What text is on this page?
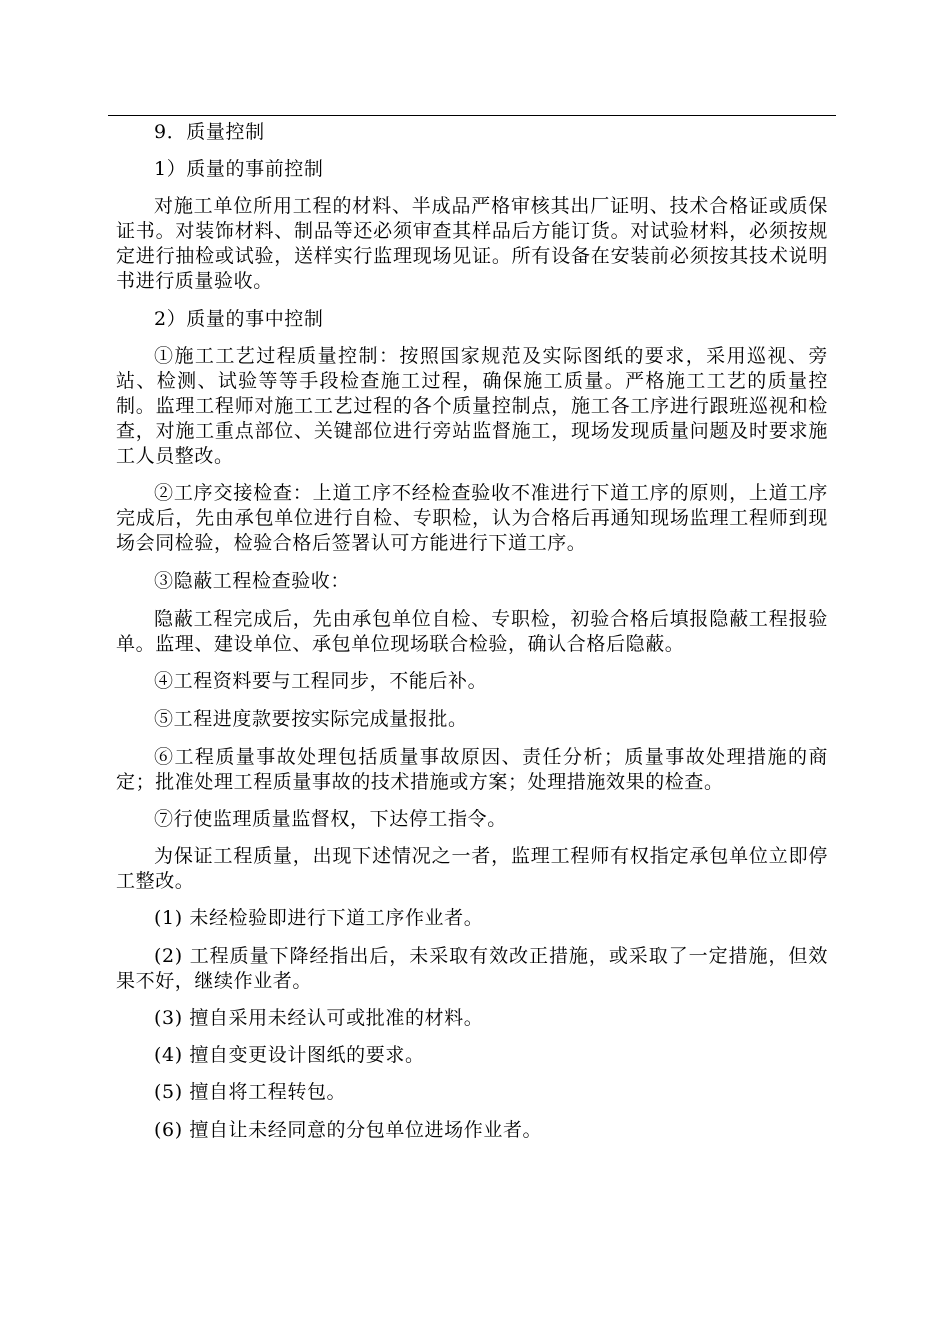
9．质量控制

1）质量的事前控制

对施工单位所用工程的材料、半成品严格审核其出厂证明、技术合格证或质保证书。对装饰材料、制品等还必须审查其样品后方能订货。对试验材料，必须按规定进行抽检或试验，送样实行监理现场见证。所有设备在安装前必须按其技术说明书进行质量验收。

2）质量的事中控制

①施工工艺过程质量控制：按照国家规范及实际图纸的要求，采用巡视、旁站、检测、试验等等手段检查施工过程，确保施工质量。严格施工工艺的质量控制。监理工程师对施工工艺过程的各个质量控制点，施工各工序进行跟班巡视和检查，对施工重点部位、关键部位进行旁站监督施工，现场发现质量问题及时要求施工人员整改。

②工序交接检查：上道工序不经检查验收不准进行下道工序的原则，上道工序完成后，先由承包单位进行自检、专职检，认为合格后再通知现场监理工程师到现场会同检验，检验合格后签署认可方能进行下道工序。

③隐蔽工程检查验收：

隐蔽工程完成后，先由承包单位自检、专职检，初验合格后填报隐蔽工程报验单。监理、建设单位、承包单位现场联合检验，确认合格后隐蔽。

④工程资料要与工程同步，不能后补。

⑤工程进度款要按实际完成量报批。

⑥工程质量事故处理包括质量事故原因、责任分析；质量事故处理措施的商定；批准处理工程质量事故的技术措施或方案；处理措施效果的检查。

⑦行使监理质量监督权，下达停工指令。

为保证工程质量，出现下述情况之一者，监理工程师有权指定承包单位立即停工整改。

(1) 未经检验即进行下道工序作业者。

(2) 工程质量下降经指出后，未采取有效改正措施，或采取了一定措施，但效果不好，继续作业者。

(3) 擅自采用未经认可或批准的材料。

(4) 擅自变更设计图纸的要求。

(5) 擅自将工程转包。

(6) 擅自让未经同意的分包单位进场作业者。
